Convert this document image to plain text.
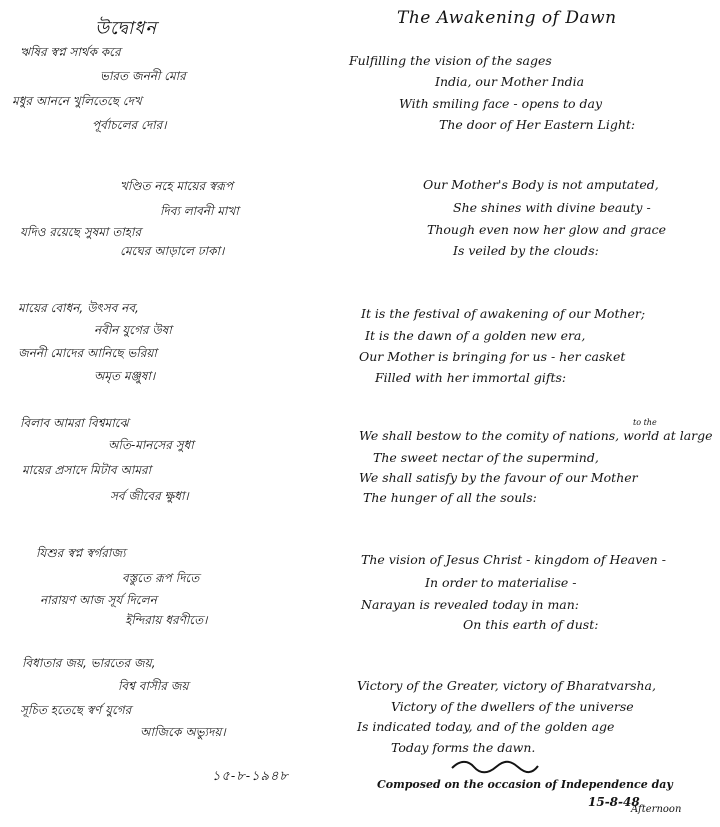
উদ্বোধন
ঋষির স্বপ্ন সার্থক করে
ভারত জননী মোর
মধুর আননে খুলিতেছে দেখ
পূর্বাচলের দোর।
খণ্ডিত নহে মায়ের স্বরূপ
দিব্য লাবনী মাখা
যদিও রয়েছে সুষমা তাহার
মেঘের আড়ালে ঢাকা।
মায়ের বোধন, উৎসব নব,
নবীন যুগের উষা
জননী মোদের আনিছে ভরিয়া
অমৃত মঞ্জুষা।
বিলাব আমরা বিশ্বমাঝে
অতি-মানসের সুধা
মায়ের প্রসাদে মিটাব আমরা
সর্ব জীবের ক্ষুধা।
যিশুর স্বপ্ন স্বর্গরাজ্য
বস্তুতে রূপ দিতে
নারায়ণ আজ সূর্য দিলেন
ইন্দিরায় ধরণীতে।
বিধাতার জয়, ভারতের জয়,
বিশ্ব বাসীর জয়
সূচিত হতেছে স্বর্ণ যুগের
আজিকে অভ্যুদয়।
১৫-৮-১৯৪৮
The Awakening of Dawn
Fulfilling the vision of the sages
India, our Mother India
With smiling face - opens to day
The door of Her Eastern Light:
Our Mother's Body is not amputated,
She shines with divine beauty -
Though even now her glow and grace
Is veiled by the clouds:
It is the festival of awakening of our Mother;
It is the dawn of a golden new era,
Our Mother is bringing for us - her casket
Filled with her immortal gifts:
to the
We shall bestow to the comity of nations, world at large
The sweet nectar of the supermind,
We shall satisfy by the favour of our Mother
The hunger of all the souls:
The vision of Jesus Christ - kingdom of Heaven -
In order to materialise -
Narayan is revealed today in man:
On this earth of dust:
Victory of the Greater, victory of Bharatvarsha,
Victory of the dwellers of the universe
Is indicated today, and of the golden age
Today forms the dawn.
Composed on the occasion of Independence day
15-8-48
Afternoon
